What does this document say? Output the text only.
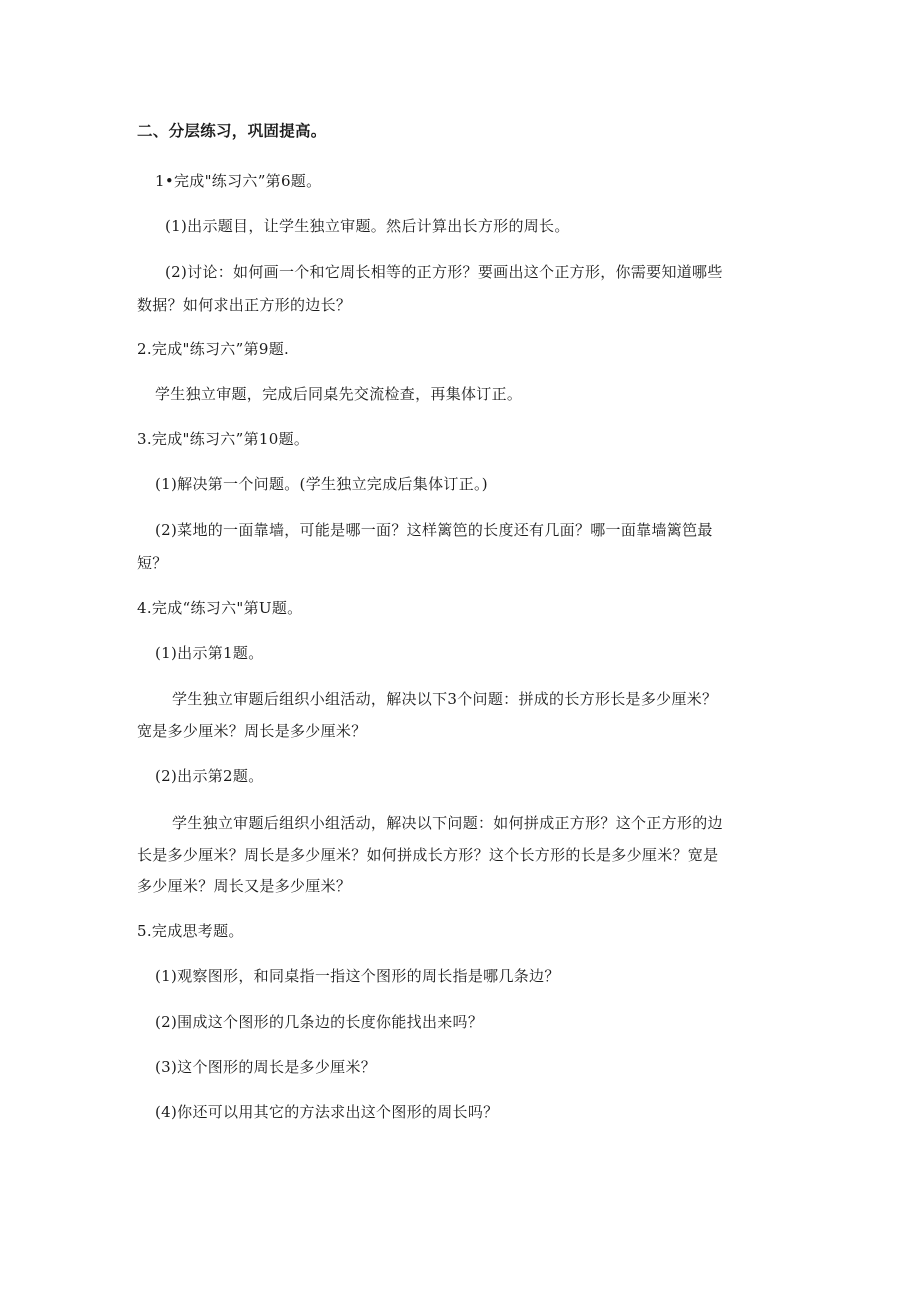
二、分层练习，巩固提高。
1•完成"练习六”第6题。
(1)出示题目，让学生独立审题。然后计算出长方形的周长。
(2)讨论：如何画一个和它周长相等的正方形？要画出这个正方形，你需要知道哪些
数据？如何求出正方形的边长？
2.完成"练习六”第9题.
学生独立审题，完成后同桌先交流检查，再集体订正。
3.完成"练习六”第10题。
(1)解决第一个问题。(学生独立完成后集体订正。)
(2)菜地的一面靠墙，可能是哪一面？这样篱笆的长度还有几面？哪一面靠墙篱笆最
短？
4.完成“练习六"第U题。
(1)出示第1题。
学生独立审题后组织小组活动，解决以下3个问题：拼成的长方形长是多少厘米？
宽是多少厘米？周长是多少厘米？
(2)出示第2题。
学生独立审题后组织小组活动，解决以下问题：如何拼成正方形？这个正方形的边
长是多少厘米？周长是多少厘米？如何拼成长方形？这个长方形的长是多少厘米？宽是
多少厘米？周长又是多少厘米？
5.完成思考题。
(1)观察图形，和同桌指一指这个图形的周长指是哪几条边？
(2)围成这个图形的几条边的长度你能找出来吗？
(3)这个图形的周长是多少厘米？
(4)你还可以用其它的方法求出这个图形的周长吗？
